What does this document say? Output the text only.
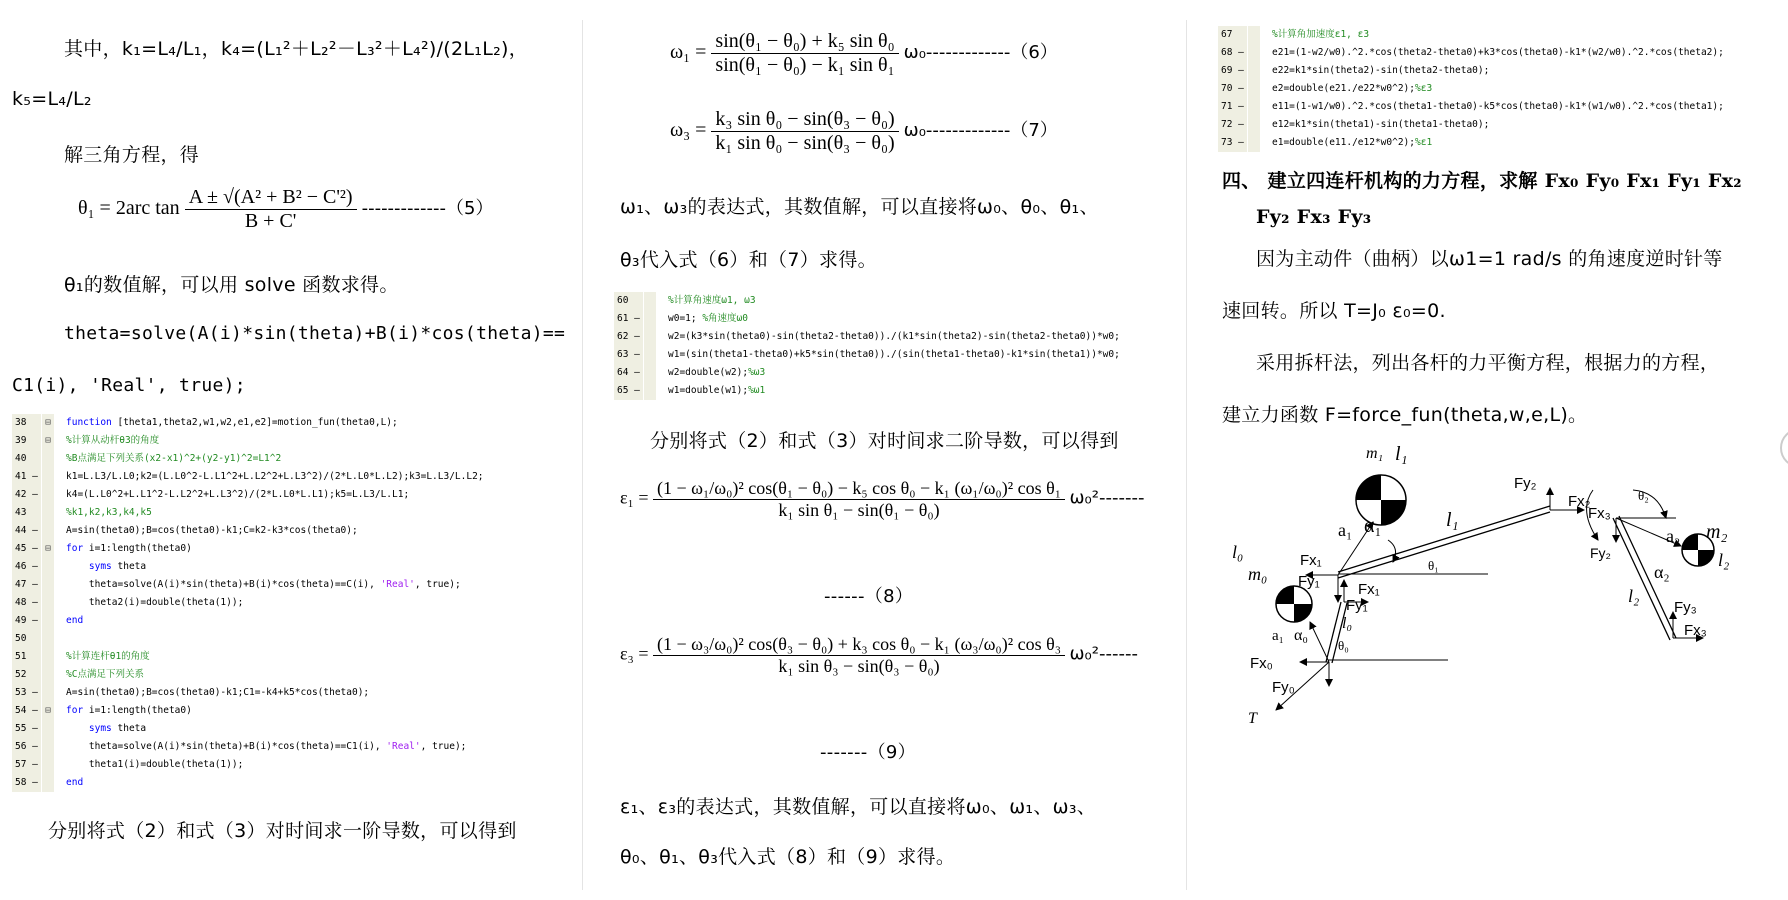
其中，k₁=L₄/L₁，k₄=(L₁²＋L₂²－L₃²＋L₄²)/(2L₁L₂)，
k₅=L₄/L₂
解三角方程，得
θ₁ = 2arc $\tan \frac{\text{A ± √(A² + B² − C'²)}}{B + C'} -------------(5)$
θ₁的数值解，可以用 solve 函数求得。
theta=solve(A(i)*sin(theta)+B(i)*cos(theta)==
C1(i), 'Real', true);
38	⊟	function [theta1,theta2,w1,w2,e1,e2]=motion_fun(theta0,L);
39	⊟	%计算从动杆θ3的角度
40	%B点满足下列关系(x2-x1)^2+(y2-y1)^2=L1^2
41 –	k1=L.L3/L.L0;k2=(L.L0^2-L.L1^2+L.L2^2+L.L3^2)/(2*L.L0*L.L2);k3=L.L3/L.L2;
42 –	k4=(L.L0^2+L.L1^2-L.L2^2+L.L3^2)/(2*L.L0*L.L1);k5=L.L3/L.L1;
43	%k1,k2,k3,k4,k5
44 –	A=sin(theta0);B=cos(theta0)-k1;C=k2-k3*cos(theta0);
45 – ⊟	for i=1:length(theta0)
46 –	syms theta
47 –	theta=solve(A(i)*sin(theta)+B(i)*cos(theta)==C(i), 'Real', true);
48 –	theta2(i)=double(theta(1));
49 –	end
50
51	%计算连杆θ1的角度
52	%C点满足下列关系
53 –	A=sin(theta0);B=cos(theta0)-k1;C1=-k4+k5*cos(theta0);
54 – ⊟	for i=1:length(theta0)
55 –	syms theta
56 –	theta=solve(A(i)*sin(theta)+B(i)*cos(theta)==C1(i), 'Real', true);
57 –	theta1(i)=double(theta(1));
58 –	end
分别将式（2）和式（3）对时间求一阶导数，可以得到
$\omega_1 = \frac{\text{sin(θ₁ − θ₀) + k₅ sin θ₀}}{\text{sin(θ₁ − θ₀) − k₁ sin θ₁}} \omega_0-------------(6)$
$\omega_3 = \frac{\text{k₃ sin θ₀ − sin(θ₃ − θ₀)}}{\text{k₁ sin θ₀ − sin(θ₃ − θ₀)}} \omega_0-------------(7)$
ω₁、ω₃的表达式，其数值解，可以直接将ω₀、θ₀、θ₁、
θ₃代入式（6）和（7）求得。
60	%计算角速度ω1, ω3
61 –	w0=1; %角速度ω0
62 –	w2=(k3*sin(theta0)-sin(theta2-theta0))./(k1*sin(theta2)-sin(theta2-theta0))*w0;
63 –	w1=(sin(theta1-theta0)+k5*sin(theta0))./(sin(theta1-theta0)-k1*sin(theta1))*w0;
64 –	w2=double(w2);%ω3
65 –	w1=double(w1);%ω1
分别将式（2）和式（3）对时间求二阶导数，可以得到
$\varepsilon_1 = \frac{\text{(1 − ω₁/ω₀)² cos(θ₁ − θ₀) − k₅ cos θ₀ − k₁ (ω₁/ω₀)² cos θ₁}}{\text{k₁ sin θ₁ − sin(θ₁ − θ₀)}} \omega_0^2-------$
------（8）
$\varepsilon_3 = \frac{\text{(1 − ω₃/ω₀)² cos(θ₃ − θ₀) + k₃ cos θ₀ − k₁ (ω₃/ω₀)² cos θ₃}}{\text{k₁ sin θ₃ − sin(θ₃ − θ₀)}} \omega_0^2------$
-------（9）
ε₁、ε₃的表达式，其数值解，可以直接将ω₀、ω₁、ω₃、
θ₀、θ₁、θ₃代入式（8）和（9）求得。
67	%计算角加速度ε1, ε3
68 –	e21=(1-w2/w0).^2.*cos(theta2-theta0)+k3*cos(theta0)-k1*(w2/w0).^2.*cos(theta2);
69 –	e22=k1*sin(theta2)-sin(theta2-theta0);
70 –	e2=double(e21./e22*w0^2);%ε3
71 –	e11=(1-w1/w0).^2.*cos(theta1-theta0)-k5*cos(theta0)-k1*(w1/w0).^2.*cos(theta1);
72 –	e12=k1*sin(theta1)-sin(theta1-theta0);
73 –	e1=double(e11./e12*w0^2);%ε1
四、 建立四连杆机构的力方程，求解 Fx₀ Fy₀ Fx₁ Fy₁ Fx₂
Fy₂ Fx₃ Fy₃
因为主动件（曲柄）以ω1=1 rad/s 的角速度逆时针等
速回转。所以 T=J₀ ε₀=0.
采用拆杆法，列出各杆的力平衡方程，根据力的方程，
建立力函数 F=force_fun(theta,w,e,L)。
m₁ l₁
a₁ α₁	l₁
Fy₂
Fx₂
Fx₁
Fy₁
θ₁
Fx₃
θ₂
a₂ m₂
Fy₂
α₂
l₂
l₂
Fy₃
Fx₃
l₀
m₀ Fy₁	Fx₁
l₀
a₁ α₀
θ₀
Fx₀
Fy₀
T
